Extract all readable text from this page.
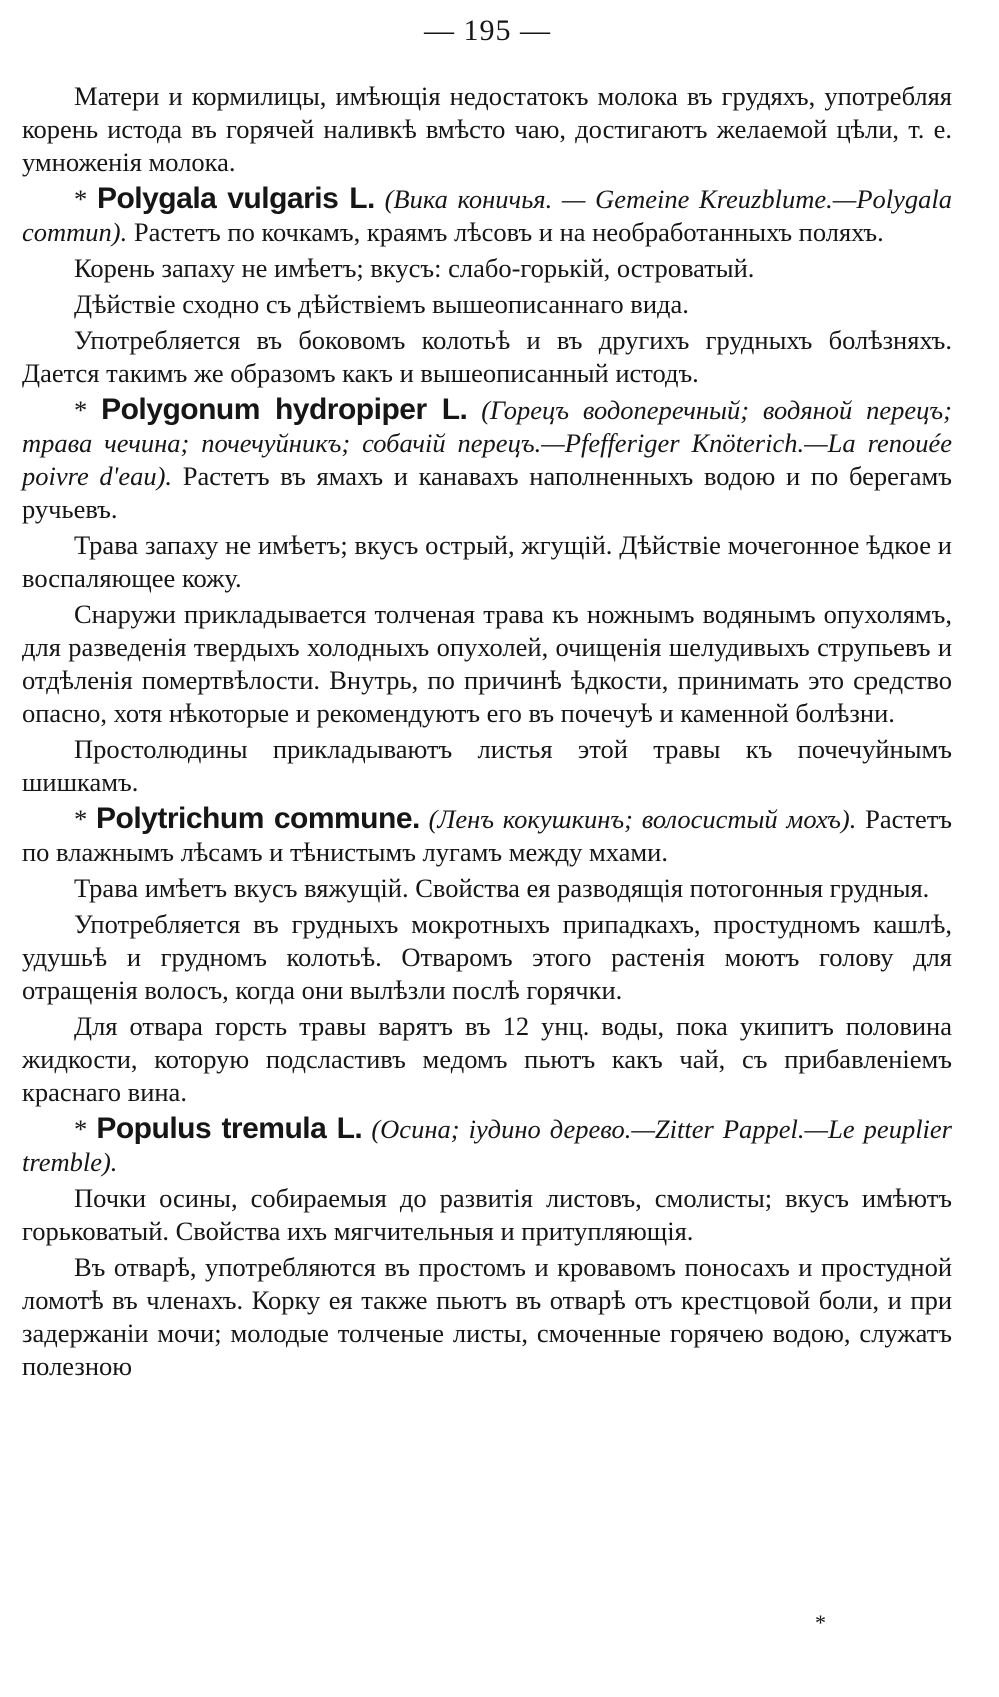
— 195 —

Матери и кормилицы, имѣющія недостатокъ молока въ грудяхъ, употребляя корень истода въ горячей наливкѣ вмѣсто чаю, достигаютъ желаемой цѣли, т. е. умноженія молока.

* Polygala vulgaris L. (Вика коничья. — Gemeine Kreuzblume.—Polygala commun). Растетъ по кочкамъ, краямъ лѣсовъ и на необработанныхъ поляхъ.

Корень запаху не имѣетъ; вкусъ: слабо-горькій, островатый.

Дѣйствіе сходно съ дѣйствіемъ вышеописаннаго вида.

Употребляется въ боковомъ колотьѣ и въ другихъ грудныхъ болѣзняхъ. Дается такимъ же образомъ какъ и вышеописанный истодъ.

* Polygonum hydropiper L. (Горецъ водоперечный; водяной перецъ; трава чечина; почечуйникъ; собачій перецъ.—Pfefferiger Knöterich.—La renouée poivre d'eau). Растетъ въ ямахъ и канавахъ наполненныхъ водою и по берегамъ ручьевъ.

Трава запаху не имѣетъ; вкусъ острый, жгущій. Дѣйствіе мочегонное ѣдкое и воспаляющее кожу.

Снаружи прикладывается толченая трава къ ножнымъ водянымъ опухолямъ, для разведенія твердыхъ холодныхъ опухолей, очищенія шелудивыхъ струпьевъ и отдѣленія помертвѣлости. Внутрь, по причинѣ ѣдкости, принимать это средство опасно, хотя нѣкоторые и рекомендуютъ его въ почечуѣ и каменной болѣзни.

Простолюдины прикладываютъ листья этой травы къ почечуйнымъ шишкамъ.

* Polytrichum commune. (Ленъ кокушкинъ; волосистый мохъ). Растетъ по влажнымъ лѣсамъ и тѣнистымъ лугамъ между мхами.

Трава имѣетъ вкусъ вяжущій. Свойства ея разводящія потогонныя грудныя.

Употребляется въ грудныхъ мокротныхъ припадкахъ, простудномъ кашлѣ, удушьѣ и грудномъ колотьѣ. Отваромъ этого растенія моютъ голову для отращенія волосъ, когда они вылѣзли послѣ горячки.

Для отвара горсть травы варятъ въ 12 унц. воды, пока укипитъ половина жидкости, которую подсластивъ медомъ пьютъ какъ чай, съ прибавленіемъ краснаго вина.

* Populus tremula L. (Осина; іудино дерево.—Zitter Pappel.—Le peuplier tremble).

Почки осины, собираемыя до развитія листовъ, смолисты; вкусъ имѣютъ горьковатый. Свойства ихъ мягчительныя и притупляющія.

Въ отварѣ, употребляются въ простомъ и кровавомъ поносахъ и простудной ломотѣ въ членахъ. Корку ея также пьютъ въ отварѣ отъ крестцовой боли, и при задержаніи мочи; молодые толченые листы, смоченные горячею водою, служатъ полезною

*
